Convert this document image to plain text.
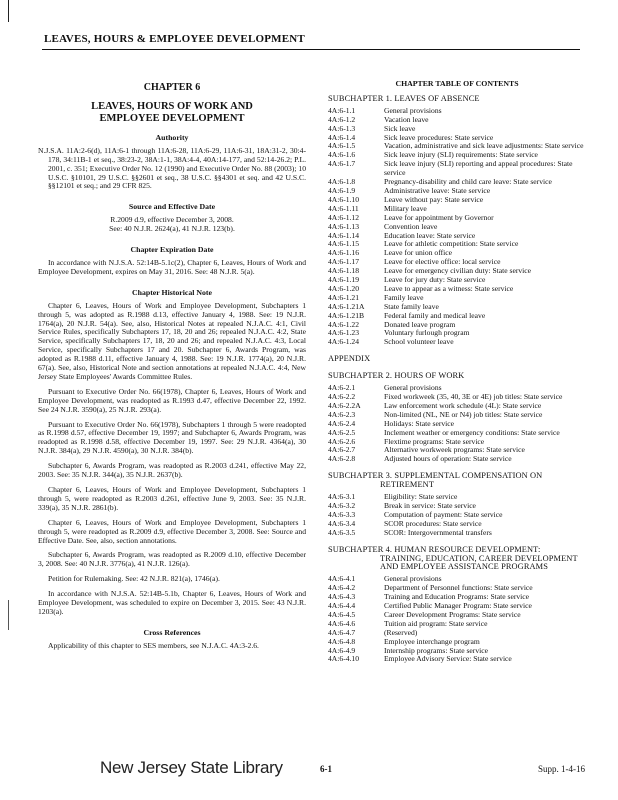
LEAVES, HOURS & EMPLOYEE DEVELOPMENT
CHAPTER 6
LEAVES, HOURS OF WORK AND
EMPLOYEE DEVELOPMENT
Authority
N.J.S.A. 11A:2-6(d), 11A:6-1 through 11A:6-28, 11A:6-29, 11A:6-31, 18A:31-2, 30:4-178, 34:11B-1 et seq., 38:23-2, 38A:1-1, 38A:4-4, 40A:14-177, and 52:14-26.2; P.L. 2001, c. 351; Executive Order No. 12 (1990) and Executive Order No. 88 (2003); 10 U.S.C. §10101, 29 U.S.C. §§2601 et seq., 38 U.S.C. §§4301 et seq. and 42 U.S.C. §§12101 et seq.; and 29 CFR 825.
Source and Effective Date
R.2009 d.9, effective December 3, 2008.
See: 40 N.J.R. 2624(a), 41 N.J.R. 123(b).
Chapter Expiration Date
In accordance with N.J.S.A. 52:14B-5.1c(2), Chapter 6, Leaves, Hours of Work and Employee Development, expires on May 31, 2016. See: 48 N.J.R. 5(a).
Chapter Historical Note
Chapter 6, Leaves, Hours of Work and Employee Development, Subchapters 1 through 5, was adopted as R.1988 d.13, effective January 4, 1988. See: 19 N.J.R. 1764(a), 20 N.J.R. 54(a). See, also, Historical Notes at repealed N.J.A.C. 4:1, Civil Service Rules, specifically Subchapters 17, 18, 20 and 26; repealed N.J.A.C. 4:2, State Service, specifically Subchapters 17, 18, 20 and 26; and repealed N.J.A.C. 4:3, Local Service, specifically Subchapters 17 and 20. Subchapter 6, Awards Program, was adopted as R.1988 d.11, effective January 4, 1988. See: 19 N.J.R. 1774(a), 20 N.J.R. 67(a). See, also, Historical Note and section annotations at repealed N.J.A.C. 4:4, New Jersey State Employees' Awards Committee Rules.
Pursuant to Executive Order No. 66(1978), Chapter 6, Leaves, Hours of Work and Employee Development, was readopted as R.1993 d.47, effective December 22, 1992. See 24 N.J.R. 3590(a), 25 N.J.R. 293(a).
Pursuant to Executive Order No. 66(1978), Subchapters 1 through 5 were readopted as R.1998 d.57, effective December 19, 1997; and Subchapter 6, Awards Program, was readopted as R.1998 d.58, effective December 19, 1997. See: 29 N.J.R. 4364(a), 30 N.J.R. 384(a), 29 N.J.R. 4590(a), 30 N.J.R. 384(b).
Subchapter 6, Awards Program, was readopted as R.2003 d.241, effective May 22, 2003. See: 35 N.J.R. 344(a), 35 N.J.R. 2637(b).
Chapter 6, Leaves, Hours of Work and Employee Development, Subchapters 1 through 5, were readopted as R.2003 d.261, effective June 9, 2003. See: 35 N.J.R. 339(a), 35 N.J.R. 2861(b).
Chapter 6, Leaves, Hours of Work and Employee Development, Subchapters 1 through 5, were readopted as R.2009 d.9, effective December 3, 2008. See: Source and Effective Date. See, also, section annotations.
Subchapter 6, Awards Program, was readopted as R.2009 d.10, effective December 3, 2008. See: 40 N.J.R. 3776(a), 41 N.J.R. 126(a).
Petition for Rulemaking. See: 42 N.J.R. 821(a), 1746(a).
In accordance with N.J.S.A. 52:14B-5.1b, Chapter 6, Leaves, Hours of Work and Employee Development, was scheduled to expire on December 3, 2015. See: 43 N.J.R. 1203(a).
Cross References
Applicability of this chapter to SES members, see N.J.A.C. 4A:3-2.6.
CHAPTER TABLE OF CONTENTS
SUBCHAPTER 1. LEAVES OF ABSENCE
4A:6-1.1	General provisions
4A:6-1.2	Vacation leave
4A:6-1.3	Sick leave
4A:6-1.4	Sick leave procedures: State service
4A:6-1.5	Vacation, administrative and sick leave adjustments: State service
4A:6-1.6	Sick leave injury (SLI) requirements: State service
4A:6-1.7	Sick leave injury (SLI) reporting and appeal procedures: State service
4A:6-1.8	Pregnancy-disability and child care leave: State service
4A:6-1.9	Administrative leave: State service
4A:6-1.10	Leave without pay: State service
4A:6-1.11	Military leave
4A:6-1.12	Leave for appointment by Governor
4A:6-1.13	Convention leave
4A:6-1.14	Education leave: State service
4A:6-1.15	Leave for athletic competition: State service
4A:6-1.16	Leave for union office
4A:6-1.17	Leave for elective office: local service
4A:6-1.18	Leave for emergency civilian duty: State service
4A:6-1.19	Leave for jury duty: State service
4A:6-1.20	Leave to appear as a witness: State service
4A:6-1.21	Family leave
4A:6-1.21A	State family leave
4A:6-1.21B	Federal family and medical leave
4A:6-1.22	Donated leave program
4A:6-1.23	Voluntary furlough program
4A:6-1.24	School volunteer leave
APPENDIX
SUBCHAPTER 2. HOURS OF WORK
4A:6-2.1	General provisions
4A:6-2.2	Fixed workweek (35, 40, 3E or 4E) job titles: State service
4A:6-2.2A	Law enforcement work schedule (4L): State service
4A:6-2.3	Non-limited (NL, NE or N4) job titles: State service
4A:6-2.4	Holidays: State service
4A:6-2.5	Inclement weather or emergency conditions: State service
4A:6-2.6	Flextime programs: State service
4A:6-2.7	Alternative workweek programs: State service
4A:6-2.8	Adjusted hours of operation: State service
SUBCHAPTER 3. SUPPLEMENTAL COMPENSATION ON
RETIREMENT
4A:6-3.1	Eligibility: State service
4A:6-3.2	Break in service: State service
4A:6-3.3	Computation of payment: State service
4A:6-3.4	SCOR procedures: State service
4A:6-3.5	SCOR: Intergovernmental transfers
SUBCHAPTER 4. HUMAN RESOURCE DEVELOPMENT:
TRAINING, EDUCATION, CAREER DEVELOPMENT
AND EMPLOYEE ASSISTANCE PROGRAMS
4A:6-4.1	General provisions
4A:6-4.2	Department of Personnel functions: State service
4A:6-4.3	Training and Education Programs: State service
4A:6-4.4	Certified Public Manager Program: State service
4A:6-4.5	Career Development Programs: State service
4A:6-4.6	Tuition aid program: State service
4A:6-4.7	(Reserved)
4A:6-4.8	Employee interchange program
4A:6-4.9	Internship programs: State service
4A:6-4.10	Employee Advisory Service: State service
New Jersey State Library	6-1	Supp. 1-4-16
